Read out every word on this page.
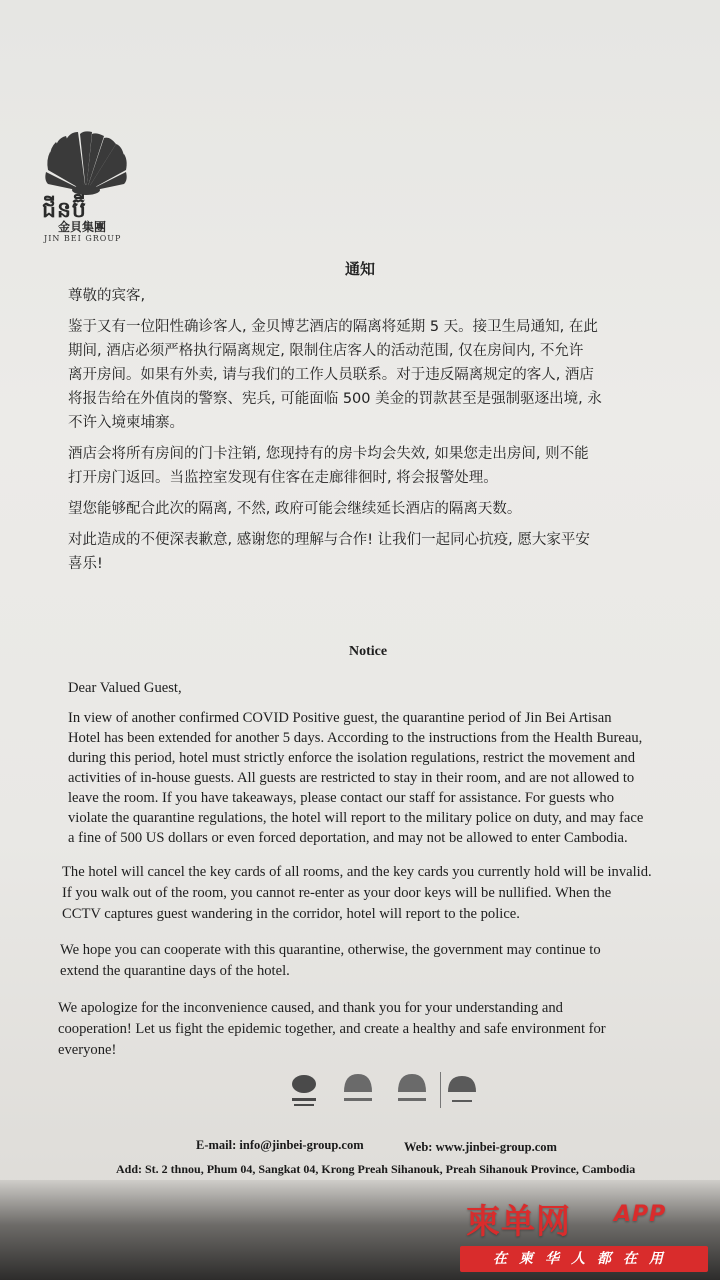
ជីនប៊ី
金貝集團
JIN BEI GROUP
通知
尊敬的宾客,
鉴于又有一位阳性确诊客人, 金贝博艺酒店的隔离将延期 5 天。接卫生局通知, 在此
期间, 酒店必须严格执行隔离规定, 限制住店客人的活动范围, 仅在房间内, 不允许
离开房间。如果有外卖, 请与我们的工作人员联系。对于违反隔离规定的客人, 酒店
将报告给在外值岗的警察、宪兵, 可能面临 500 美金的罚款甚至是强制驱逐出境, 永
不许入境柬埔寨。
酒店会将所有房间的门卡注销, 您现持有的房卡均会失效, 如果您走出房间, 则不能
打开房门返回。当监控室发现有住客在走廊徘徊时, 将会报警处理。
望您能够配合此次的隔离, 不然, 政府可能会继续延长酒店的隔离天数。
对此造成的不便深表歉意, 感谢您的理解与合作! 让我们一起同心抗疫, 愿大家平安
喜乐!
Notice
Dear Valued Guest,
In view of another confirmed COVID Positive guest, the quarantine period of Jin Bei Artisan
Hotel has been extended for another 5 days. According to the instructions from the Health Bureau,
during this period, hotel must strictly enforce the isolation regulations, restrict the movement and
activities of in-house guests. All guests are restricted to stay in their room, and are not allowed to
leave the room. If you have takeaways, please contact our staff for assistance. For guests who
violate the quarantine regulations, the hotel will report to the military police on duty, and may face
a fine of 500 US dollars or even forced deportation, and may not be allowed to enter Cambodia.
The hotel will cancel the key cards of all rooms, and the key cards you currently hold will be invalid.
If you walk out of the room, you cannot re-enter as your door keys will be nullified. When the
CCTV captures guest wandering in the corridor, hotel will report to the police.
We hope you can cooperate with this quarantine, otherwise, the government may continue to
extend the quarantine days of the hotel.
We apologize for the inconvenience caused, and thank you for your understanding and
cooperation! Let us fight the epidemic together, and create a healthy and safe environment for
everyone!
E-mail: info@jinbei-group.com	Web: www.jinbei-group.com
Add: St. 2 thnou, Phum 04, Sangkat 04, Krong Preah Sihanouk, Preah Sihanouk Province, Cambodia
柬单网 APP
在柬华人都在用
